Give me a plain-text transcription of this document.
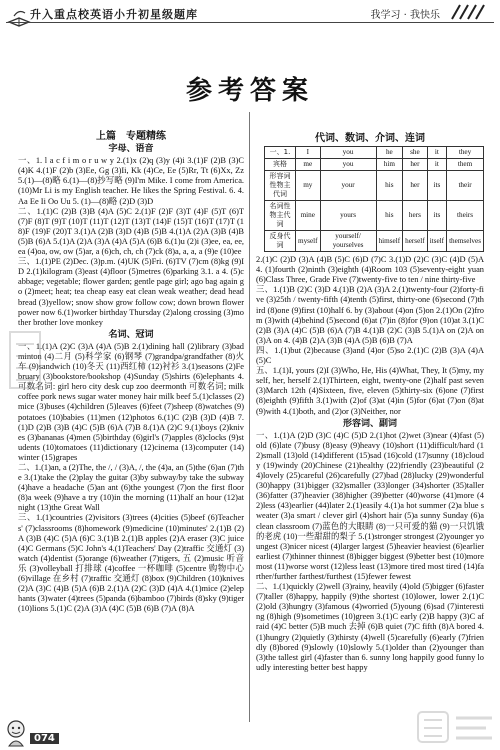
升入重点校英语小升初星级题库	我学习 · 我快乐
参考答案
上篇　专题精练
字母、语音

一、1. l a c f i m o r u w y 2.(1)x (2)q (3)y (4)i 3.(1)F (2)B (3)C (4)K 4.(1)F (2)b (3)Ee, Gg (3)Ii, Kk (4)Ce, Ee (5)Rr, Tt (6)Xx, Zz 5.(1)—(8)略 6.(1)—(8)抄写略 (9)I'm Mike. I come from America. (10)Mr Li is my English teacher. He likes the Spring Festival. 6. 4. Aa Ee Ii Oo Uu 5. (1)—(8)略 (2)D (3)D

二、1.(1)C (2)B (3)B (4)A (5)C 2.(1)F (2)F (3)T (4)F (5)T (6)T (7)F (8)T (9)T (10)T (11)T (12)T (13)T (14)F (15)T (16)T (17)T (18)F (19)F (20)T 3.(1)A (2)B (3)D (4)B (5)B 4.(1)A (2)A (3)B (4)B (5)B (6)A 5.(1)A (2)A (3)A (4)A (5)A (6)B 6.(1)u (2)i (3)ee, ea, ee, ea (4)oa, ow, ow (5)ar, a (6)ch, ch, ch (7)ck (8)a, a, a, a (9)e (10)ee

三、1.(1)PE (2)Dec. (3)p.m. (4)UK (5)Fri. (6)TV (7)cm (8)kg (9)ID 2.(1)kilogram (3)east (4)floor (5)metres (6)parking 3.1. a 4. (5)cabbage; vegetable; flower garden; gentle page girl; ago bag again go (2)meet; heat; tea cheap easy eat clean weak weather; dead head bread (3)yellow; snow show grow follow cow; down brown flower power now 6.(1)worker birthday Thursday (2)along crossing (3)mother brother love monkey

名词、冠词

一、1.(1)A (2)C (3)A (4)A (5)B 2.(1)dining hall (2)library (3)badminton (4)二月 (5)科学家 (6)钢琴 (7)grandpa/grandfather (8)火车 (9)sandwich (10)冬天 (11)西红柿 (12)衬衫 3.(1)seasons (2)February (3)bookstore/bookshop (4)Sunday (5)shirts (6)elephants 4. 可数名词: girl hero city desk cup zoo deermonth 可数名词; milk coffee pork news sugar water money hair milk beef 5.(1)classes (2)mice (3)buses (4)children (5)leaves (6)feet (7)sheep (8)watches (9)potatoes (10)babies (11)men (12)photos 6.(1)C (2)B (3)D (4)B 7.(1)D (2)B (3)B (4)C (5)B (6)A (7)B 8.(1)A (2)C 9.(1)boys (2)knives (3)bananas (4)men (5)birthday (6)girl's (7)apples (8)clocks (9)students (10)tomatoes (11)dictionary (12)cinema (13)computer (14)winter (15)grapes

二、1.(1)an, a (2)The, the /, / (3)A, /, the (4)a, an (5)the (6)an (7)the 3.(1)take the (2)play the guitar (3)by subway/by take the subway (4)have a headache (5)an ant (6)the youngest (7)on the first floor (8)a week (9)have a try (10)in the morning (11)half an hour (12)at night (13)the Great Wall

三、1.(1)countries (2)visitors (3)trees (4)cities (5)beef (6)Teachers' (7)classrooms (8)homework (9)medicine (10)minutes' 2.(1)B (2)A (3)B (4)C (5)A (6)C 3.(1)B 2.(1)B apples (2)A eraser (3)C juice (4)C Germans (5)C John's 4.(1)Teachers' Day (2)traffic 交通灯 (3)watch (4)dentist (5)orange (6)weather (7)tigers, 五 (2)music 听音乐 (3)volleyball 打排球 (4)coffee 一杯咖啡 (5)centre 购物中心 (6)village 在乡村 (7)traffic 交通灯 (8)box (9)Children (10)knives (2)A (3)C (4)B (5)A (6)B 2.(1)A (2)C (3)D (4)A 4.(1)mice (2)elephants (3)water (4)trees (5)panda (6)bamboo (7)birds (8)sky (9)tiger (10)lions 5.(1)C (2)A (3)A (4)C (5)B (6)B (7)A (8)A

代词、数词、介词、连词
一、1.	I	you	he	she	it	they
宾格	me	you	him	her	it	them
形容词性物主代词	my	your	his	her	its	their
名词性物主代词	mine	yours	his	hers	its	theirs
反身代词	myself	yourself/ yourselves	himself	herself	itself	themselves

2.(1)C (2)D (3)A (4)B (5)C (6)D (7)C 3.(1)D (2)C (3)C (4)D (5)A 4. (1)fourth (2)ninth (3)eighth (4)Room 103 (5)seventy-eight yuan (6)Class Three, Grade Five (7)twenty-five to ten / nine thirty-five

三、1.(1)B (2)C (3)D 4.(1)B (2)A (3)A 2.(1)twenty-four (2)forty-five (3)25th / twenty-fifth (4)tenth (5)first, thirty-one (6)second (7)third (8)one (9)first (10)half 6. by (3)about (4)on (5)on 2.(1)On (2)from (3)with (4)behind (5)second (6)at (7)in (8)for (9)on (10)at 3.(1)C (2)B (3)A (4)C (5)B (6)A (7)B 4.(1)B (2)C (3)B 5.(1)A on (2)A on (3)A on 4. (4)B (2)A (3)B (4)A (5)B (6)B (7)A

四、1.(1)but (2)because (3)and (4)or (5)so 2.(1)C (2)B (3)A (4)A (5)C

五、1.(1)I, yours (2)I (3)Who, He, His (4)What, They, It (5)my, myself, her, herself 2.(1)Thirteen, eight, twenty-one (2)half past seven (3)March 12th (4)Sixteen, five, eleven (5)thirty-six (6)one (7)first (8)eighth (9)fifth 3.(1)with (2)of (3)at (4)in (5)for (6)at (7)on (8)at (9)with 4.(1)both, and (2)or (3)Neither, nor

形容词、副词

一、1.(1)A (2)D (3)C (4)C (5)D 2.(1)hot (2)wet (3)near (4)fast (5)old (6)late (7)busy (8)easy (9)heavy (10)short (11)difficult/hard (12)small (13)old (14)different (15)sad (16)cold (17)sunny (18)cloudy (19)windy (20)Chinese (21)healthy (22)friendly (23)beautiful (24)lovely (25)careful (26)carefully (27)bad (28)lucky (29)wonderful (30)happy (31)bigger (32)smaller (33)longer (34)shorter (35)taller (36)fatter (37)heavier (38)higher (39)better (40)worse (41)more (42)less (43)earlier (44)later 2.(1)easily 4.(1)a hot summer (2)a blue sweater (3)a smart / clever girl (4)short hair (5)a sunny Sunday (6)a clean classroom (7)蓝色的大眼睛 (8)一只可爱的猫 (9)一只饥饿的老虎 (10)一些甜甜的梨子 5.(1)stronger strongest (2)younger youngest (3)nicer nicest (4)larger largest (5)heavier heaviest (6)earlier earliest (7)thinner thinnest (8)bigger biggest (9)better best (10)more most (11)worse worst (12)less least (13)more tired most tired (14)farther/further farthest/furthest (15)fewer fewest

二、1.(1)quickly (2)well (3)rainy, heavily (4)old (5)bigger (6)faster (7)taller (8)happy, happily (9)the shortest (10)lower, lower 2.(1)C (2)old (3)hungry (3)famous (4)worried (5)young (6)sad (7)interesting (8)high (9)sometimes (10)green 3.(1)C early (2)B happy (3)C afraid (4)C better (5)B much 去掉 (6)B quiet (7)C fifth (8)A bored 4.(1)hungry (2)quietly (3)thirsty (4)well (5)carefully (6)early (7)friendly (8)bored (9)slowly (10)slowly 5.(1)older than (2)younger than (3)the tallest girl (4)faster than 6. sunny long happily good funny loudly interesting better best happy

074
